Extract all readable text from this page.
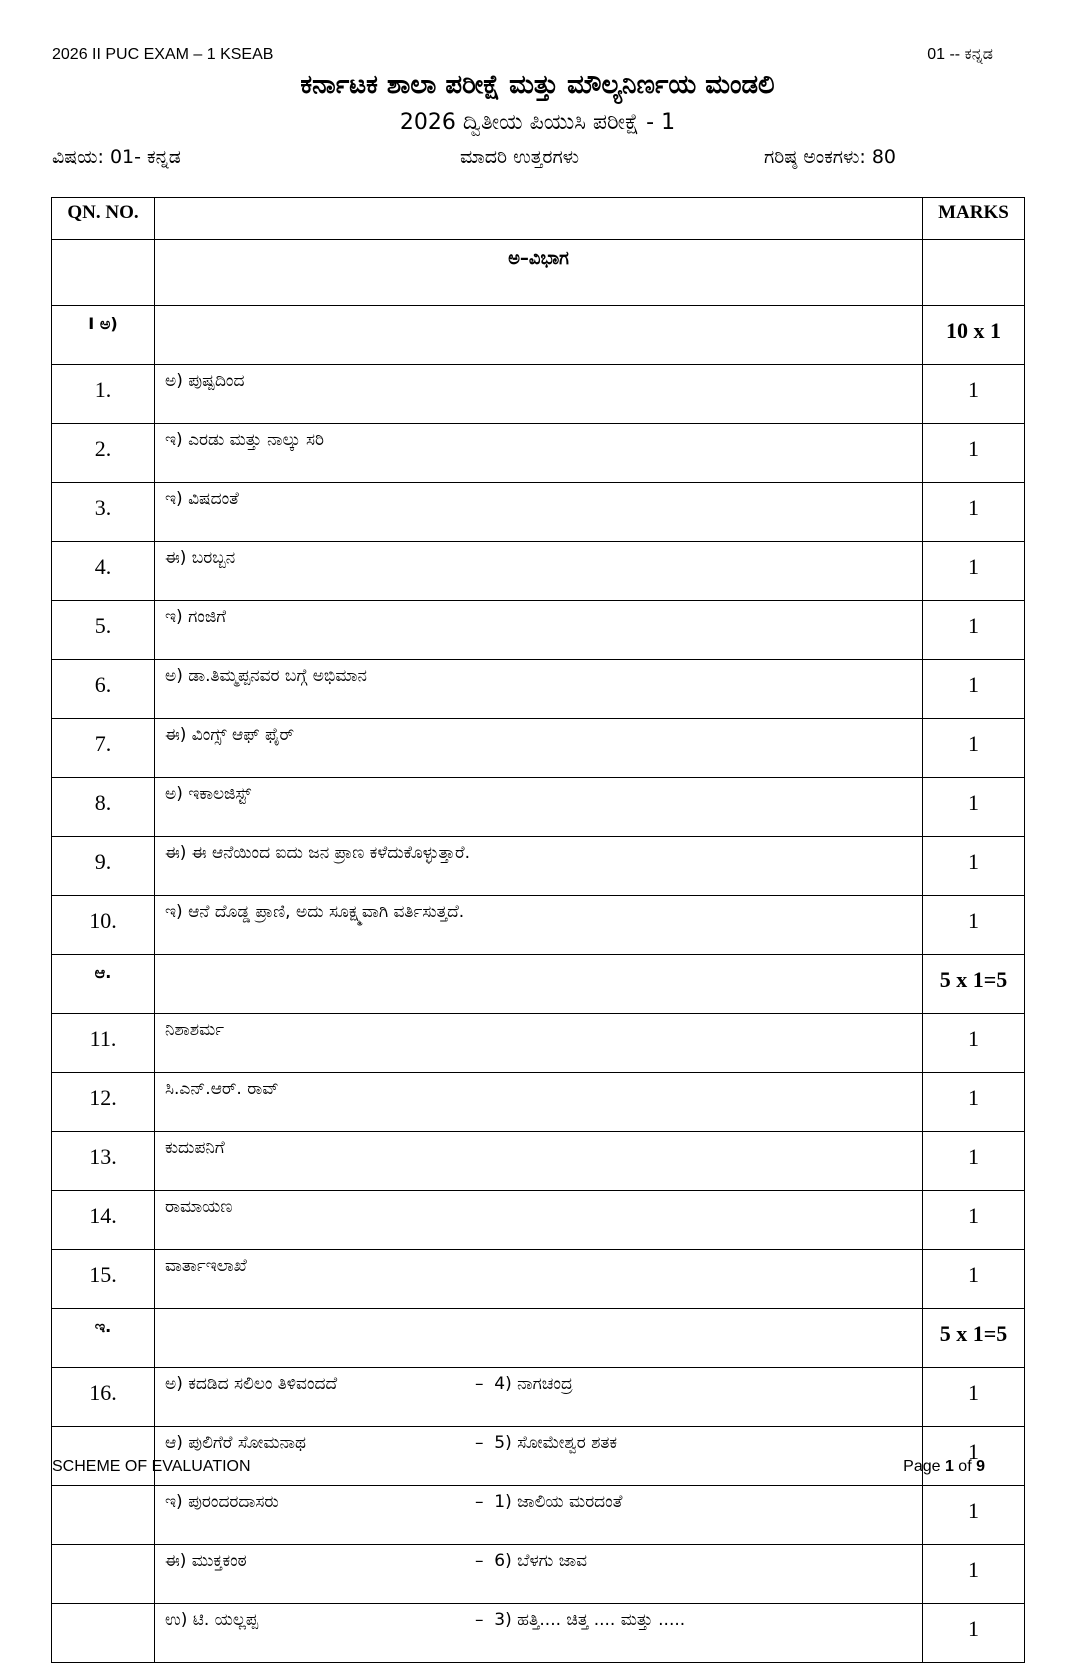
2026 II PUC EXAM – 1 KSEAB	01 -- ಕನ್ನಡ
ಕರ್ನಾಟಕ ಶಾಲಾ ಪರೀಕ್ಷೆ ಮತ್ತು ಮೌಲ್ಯನಿರ್ಣಯ ಮಂಡಲಿ
2026 ದ್ವಿತೀಯ ಪಿಯುಸಿ ಪರೀಕ್ಷೆ - 1
ವಿಷಯ: 01- ಕನ್ನಡ	ಮಾದರಿ ಉತ್ತರಗಳು	ಗರಿಷ್ಠ ಅಂಕಗಳು: 80
QN. NO.		MARKS
	ಅ–ವಿಭಾಗ	
I ಅ)		10 x 1
1.	ಅ) ಪುಷ್ಪದಿಂದ	1
2.	ಇ) ಎರಡು ಮತ್ತು ನಾಲ್ಕು ಸರಿ	1
3.	ಇ) ವಿಷದಂತೆ	1
4.	ಈ) ಬರಬ್ಬನ	1
5.	ಇ) ಗಂಜಿಗೆ	1
6.	ಅ) ಡಾ.ತಿಮ್ಮಪ್ಪನವರ ಬಗ್ಗೆ ಅಭಿಮಾನ	1
7.	ಈ) ವಿಂಗ್ಸ್ ಆಫ್ ಫೈರ್	1
8.	ಅ) ಇಕಾಲಜಿಸ್ಟ್	1
9.	ಈ) ಈ ಆನೆಯಿಂದ ಐದು ಜನ ಪ್ರಾಣ ಕಳೆದುಕೊಳ್ಳುತ್ತಾರೆ.	1
10.	ಇ) ಆನೆ ದೊಡ್ಡ ಪ್ರಾಣಿ, ಅದು ಸೂಕ್ಷ್ಮವಾಗಿ ವರ್ತಿಸುತ್ತದೆ.	1
ಆ.		5 x 1=5
11.	ನಿಶಾಶರ್ಮ	1
12.	ಸಿ.ಎನ್.ಆರ್. ರಾವ್	1
13.	ಕುದುಪನಿಗೆ	1
14.	ರಾಮಾಯಣ	1
15.	ವಾರ್ತಾಇಲಾಖೆ	1
ಇ.		5 x 1=5
16.	ಅ) ಕದಡಿದ ಸಲಿಲಂ ತಿಳಿವಂದದೆ –  4) ನಾಗಚಂದ್ರ	1
	ಆ) ಪುಲಿಗೆರೆ ಸೋಮನಾಥ –  5) ಸೋಮೇಶ್ವರ ಶತಕ	1
	ಇ) ಪುರಂದರದಾಸರು –  1) ಜಾಲಿಯ ಮರದಂತೆ	1
	ಈ) ಮುಕ್ತಕಂಠ –  6) ಬೆಳಗು ಜಾವ	1
	ಉ) ಟಿ. ಯಲ್ಲಪ್ಪ –  3) ಹತ್ತಿ.... ಚಿತ್ತ .... ಮತ್ತು .....	1
SCHEME OF EVALUATION	Page 1 of 9
